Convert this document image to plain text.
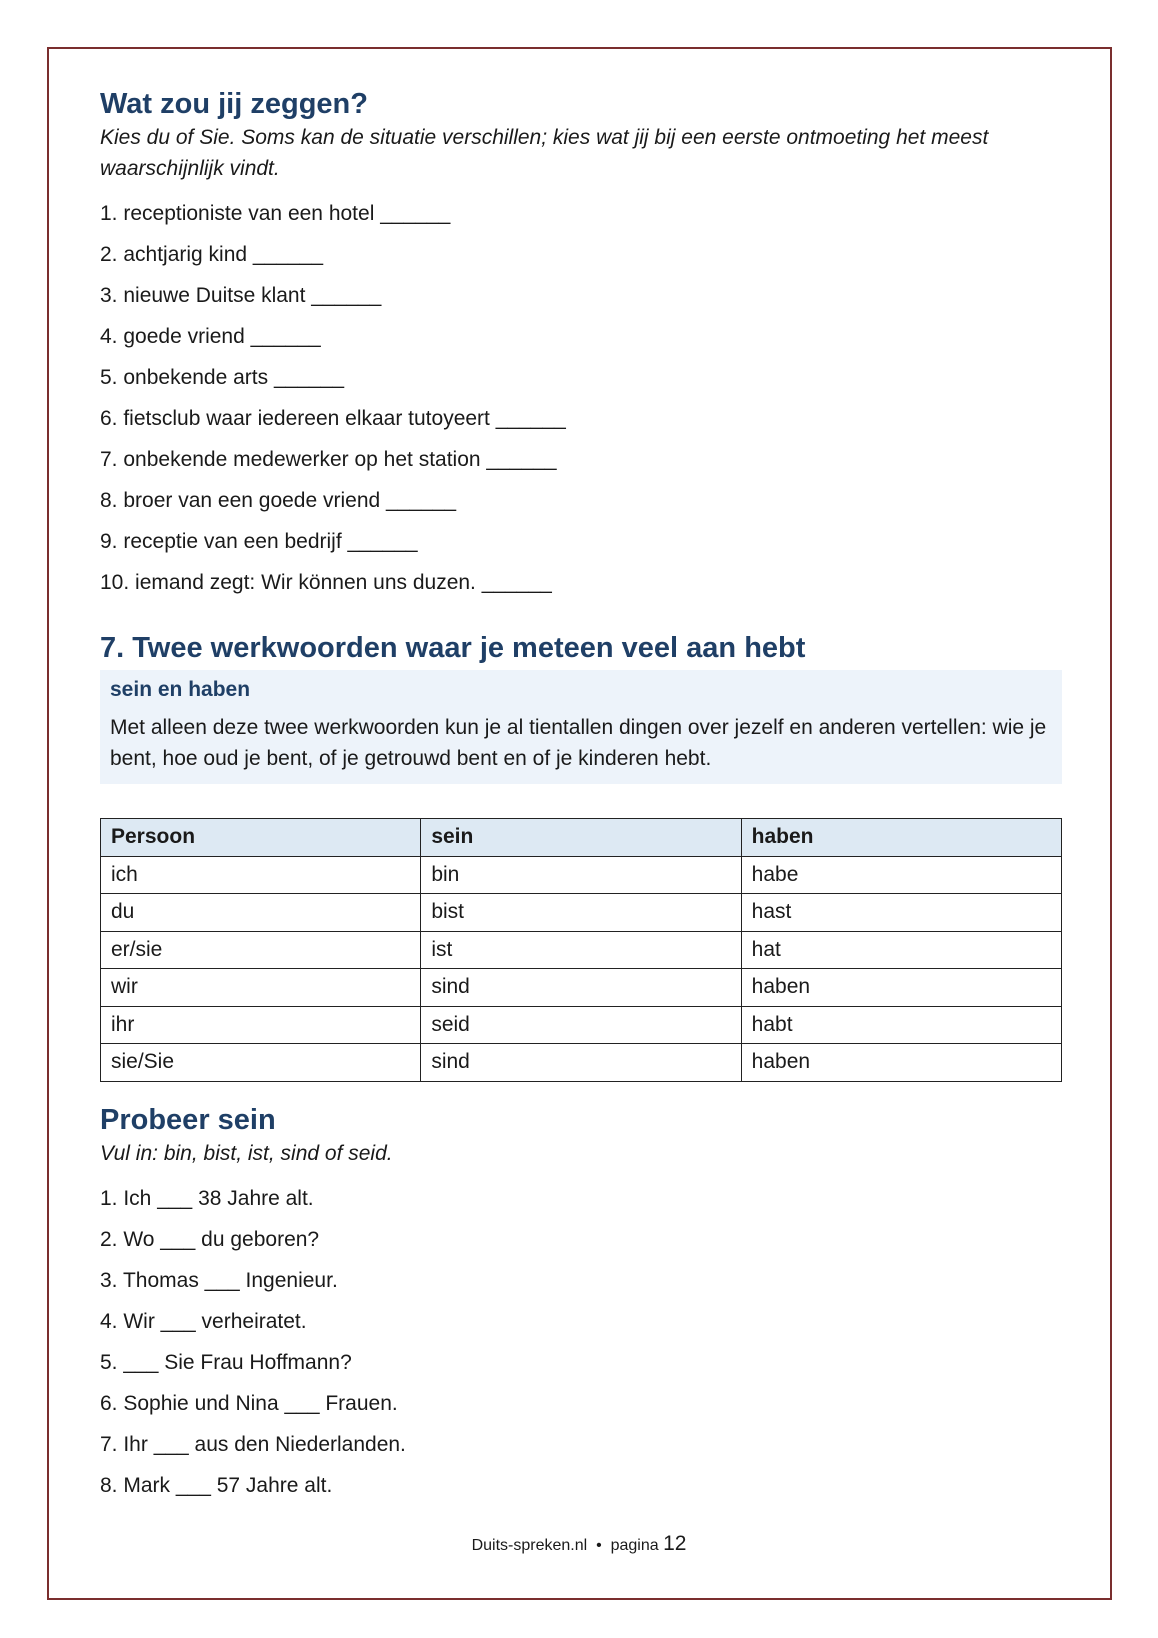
Wat zou jij zeggen?

Kies du of Sie. Soms kan de situatie verschillen; kies wat jij bij een eerste ontmoeting het meest waarschijnlijk vindt.

1. receptioniste van een hotel ______
2. achtjarig kind ______
3. nieuwe Duitse klant ______
4. goede vriend ______
5. onbekende arts ______
6. fietsclub waar iedereen elkaar tutoyeert ______
7. onbekende medewerker op het station ______
8. broer van een goede vriend ______
9. receptie van een bedrijf ______
10. iemand zegt: Wir können uns duzen. ______
7. Twee werkwoorden waar je meteen veel aan hebt
sein en haben

Met alleen deze twee werkwoorden kun je al tientallen dingen over jezelf en anderen vertellen: wie je bent, hoe oud je bent, of je getrouwd bent en of je kinderen hebt.

Persoon	sein	haben
ich	bin	habe
du	bist	hast
er/sie	ist	hat
wir	sind	haben
ihr	seid	habt
sie/Sie	sind	haben
Probeer sein

Vul in: bin, bist, ist, sind of seid.

1. Ich ___ 38 Jahre alt.
2. Wo ___ du geboren?
3. Thomas ___ Ingenieur.
4. Wir ___ verheiratet.
5. ___ Sie Frau Hoffmann?
6. Sophie und Nina ___ Frauen.
7. Ihr ___ aus den Niederlanden.
8. Mark ___ 57 Jahre alt.
Duits-spreken.nl • pagina 12
